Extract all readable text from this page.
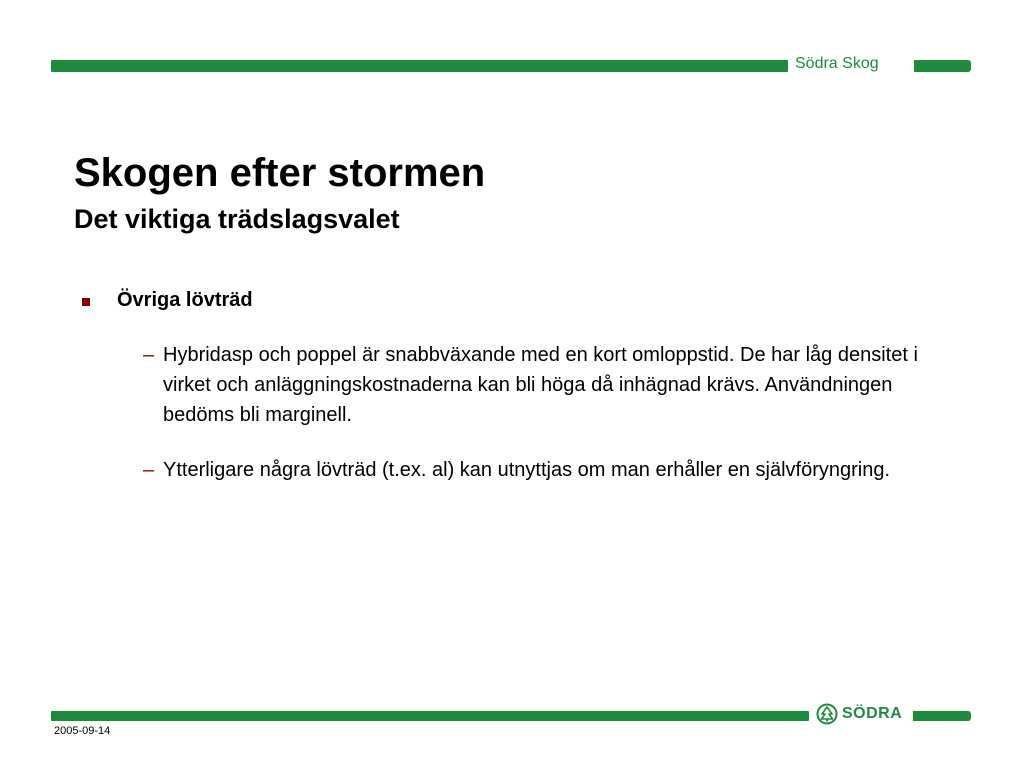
Södra Skog
Skogen efter stormen
Det viktiga trädslagsvalet
Övriga lövträd
– Hybridasp och poppel är snabbväxande med en kort omloppstid. De har låg densitet i virket och anläggningskostnaderna kan bli höga då inhägnad krävs. Användningen bedöms bli marginell.
– Ytterligare några lövträd (t.ex. al) kan utnyttjas om man erhåller en självföryngring.
SÖDRA
2005-09-14
